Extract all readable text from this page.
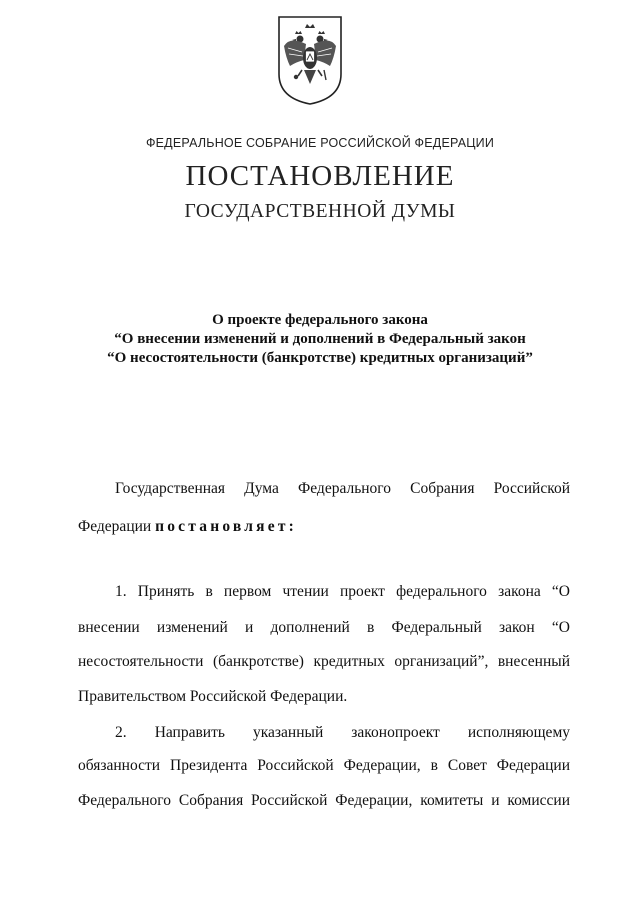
ФЕДЕРАЛЬНОЕ СОБРАНИЕ РОССИЙСКОЙ ФЕДЕРАЦИИ
ПОСТАНОВЛЕНИЕ
ГОСУДАРСТВЕННОЙ ДУМЫ
О проекте федерального закона
“О внесении изменений и дополнений в Федеральный закон
“О несостоятельности (банкротстве) кредитных организаций”
Государственная Дума Федерального Собрания Российской
Федерации постановляет:
1. Принять в первом чтении проект федерального закона “О
внесении изменений и дополнений в Федеральный закон “О
несостоятельности (банкротстве) кредитных организаций”, внесенный
Правительством Российской Федерации.
2. Направить указанный законопроект исполняющему
обязанности Президента Российской Федерации, в Совет Федерации
Федерального Собрания Российской Федерации, комитеты и комиссии
